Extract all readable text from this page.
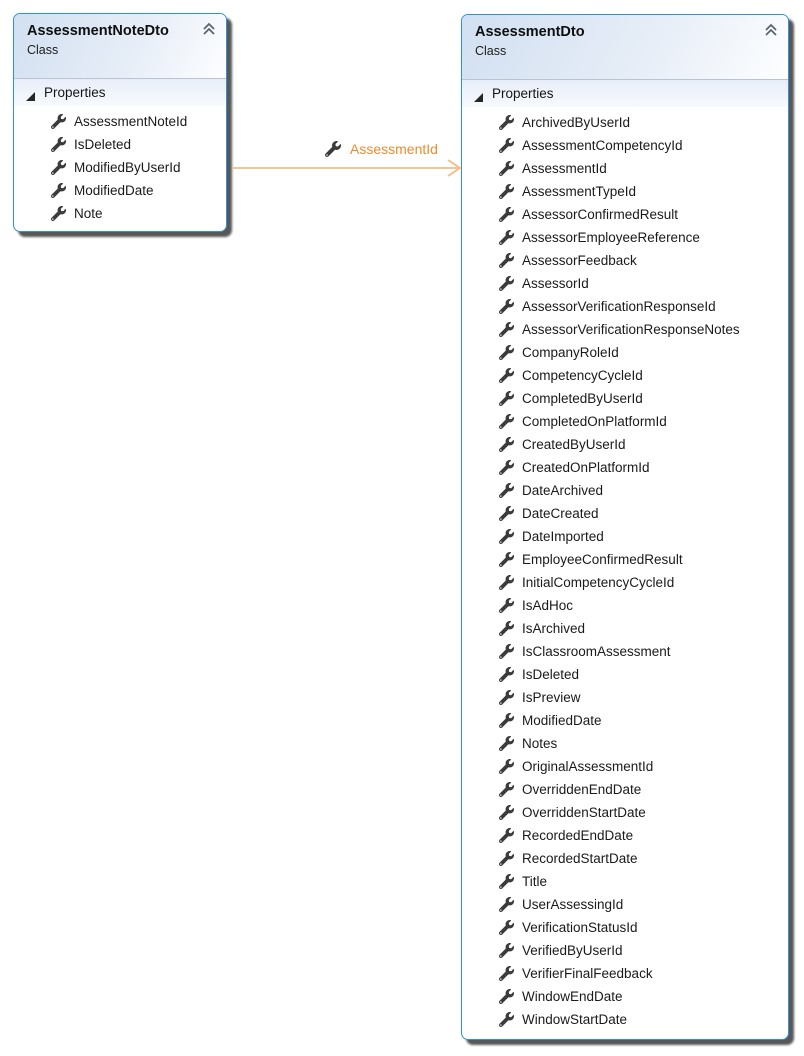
AssessmentNoteDto
Class
Properties
AssessmentNoteId
IsDeleted
ModifiedByUserId
ModifiedDate
Note
AssessmentId
AssessmentDto
Class
Properties
ArchivedByUserId
AssessmentCompetencyId
AssessmentId
AssessmentTypeId
AssessorConfirmedResult
AssessorEmployeeReference
AssessorFeedback
AssessorId
AssessorVerificationResponseId
AssessorVerificationResponseNotes
CompanyRoleId
CompetencyCycleId
CompletedByUserId
CompletedOnPlatformId
CreatedByUserId
CreatedOnPlatformId
DateArchived
DateCreated
DateImported
EmployeeConfirmedResult
InitialCompetencyCycleId
IsAdHoc
IsArchived
IsClassroomAssessment
IsDeleted
IsPreview
ModifiedDate
Notes
OriginalAssessmentId
OverriddenEndDate
OverriddenStartDate
RecordedEndDate
RecordedStartDate
Title
UserAssessingId
VerificationStatusId
VerifiedByUserId
VerifierFinalFeedback
WindowEndDate
WindowStartDate
